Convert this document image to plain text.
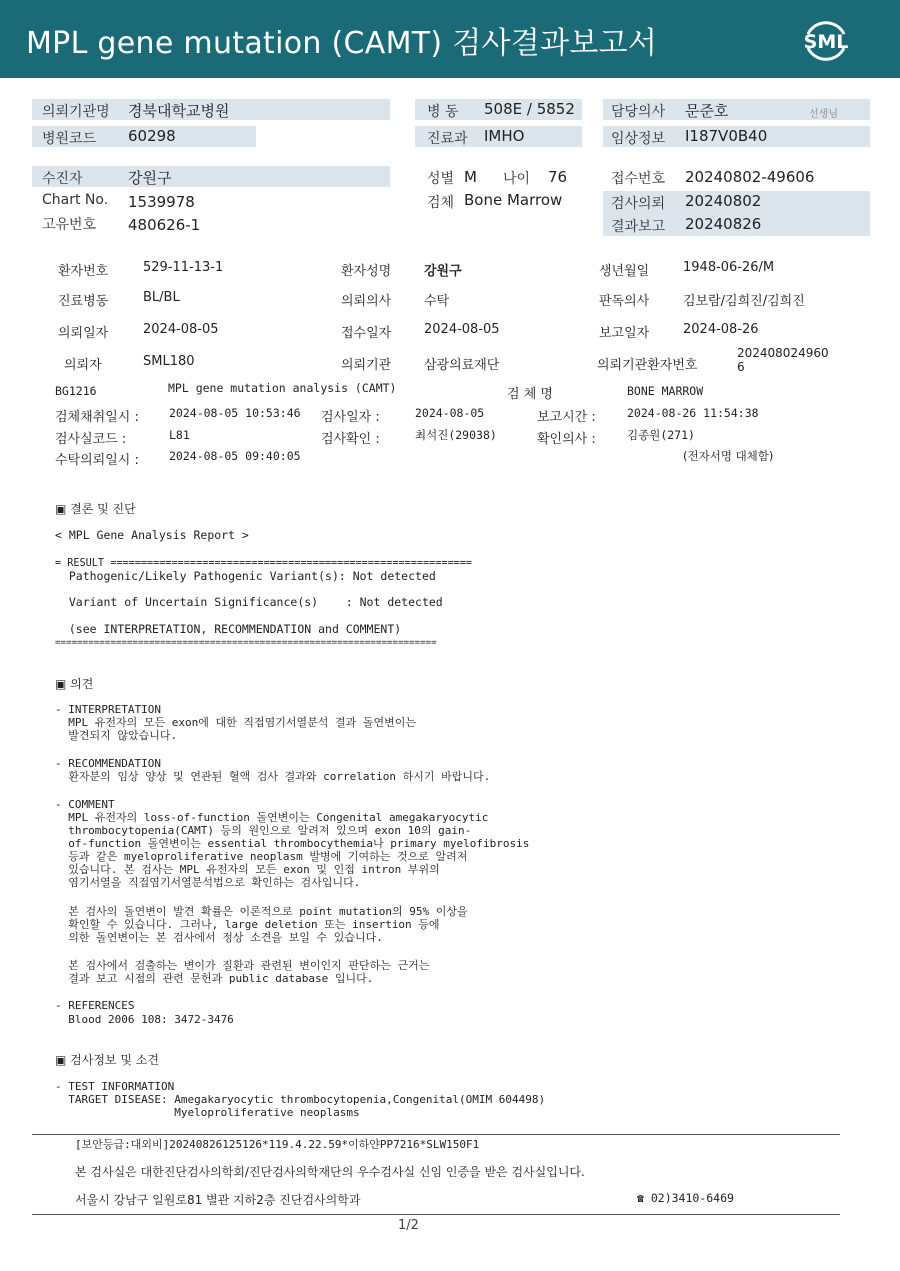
MPL gene mutation (CAMT) 검사결과보고서	SML
의뢰기관명 경북대학교병원
병원코드 60298
병 동 508E / 5852
진료과 IMHO
담당의사 문준호	선생님
임상정보 I187V0B40
수진자	강원구
Chart No. 1539978
고유번호 480626-1
성별 M 나이 76
검체 Bone Marrow
접수번호 20240802-49606
검사의뢰 20240802
결과보고 20240826
환자번호	529-11-13-1	환자성명	강원구	생년월일	1948-06-26/M
진료병동	BL/BL	의뢰의사	수탁	판독의사	김보람/김희진/김희진
의뢰일자	2024-08-05	접수일자	2024-08-05	보고일자	2024-08-26
의뢰자	SML180	의뢰기관	삼광의료재단	의뢰기관환자번호
202408024960
6
BG1216	MPL gene mutation analysis (CAMT)	검 체 명	BONE MARROW
검체채취일시 :	2024-08-05 10:53:46 검사일자 :	2024-08-05	보고시간 :	2024-08-26 11:54:38
검사실코드 :	L81	검사확인 :	최석진(29038)	확인의사 :	김종원(271)
수탁의뢰일시 :	2024-08-05 09:40:05	(전자서명 대체함)
▣ 결론 및 진단
< MPL Gene Analysis Report >
= RESULT ===========================================================
Pathogenic/Likely Pathogenic Variant(s): Not detected
Variant of Uncertain Significance(s)    : Not detected
(see INTERPRETATION, RECOMMENDATION and COMMENT)
=====================================================================
▣ 의견
- INTERPRETATION
MPL 유전자의 모든 exon에 대한 직접염기서열분석 결과 돌연변이는
발견되지 않았습니다.
- RECOMMENDATION
환자분의 임상 양상 및 연관된 혈액 검사 결과와 correlation 하시기 바랍니다.
- COMMENT
MPL 유전자의 loss-of-function 돌연변이는 Congenital amegakaryocytic
thrombocytopenia(CAMT) 등의 원인으로 알려져 있으며 exon 10의 gain-
of-function 돌연변이는 essential thrombocythemia나 primary myelofibrosis
등과 같은 myeloproliferative neoplasm 발병에 기여하는 것으로 알려져
있습니다. 본 검사는 MPL 유전자의 모든 exon 및 인접 intron 부위의
염기서열을 직접염기서열분석법으로 확인하는 검사입니다.
본 검사의 돌연변이 발견 확률은 이론적으로 point mutation의 95% 이상을
확인할 수 있습니다. 그러나, large deletion 또는 insertion 등에
의한 돌연변이는 본 검사에서 정상 소견을 보일 수 있습니다.
본 검사에서 검출하는 변이가 질환과 관련된 변이인지 판단하는 근거는
결과 보고 시점의 관련 문헌과 public database 입니다.
- REFERENCES
Blood 2006 108: 3472-3476
▣ 검사정보 및 소견
- TEST INFORMATION
TARGET DISEASE: Amegakaryocytic thrombocytopenia,Congenital(OMIM 604498)
Myeloproliferative neoplasms
[보안등급:대외비]20240826125126*119.4.22.59*이하얀PP7216*SLW150F1
본 검사실은 대한진단검사의학회/진단검사의학재단의 우수검사실 신임 인증을 받은 검사실입니다.
서울시 강남구 일원로81 별관 지하2층 진단검사의학과	☎ 02)3410-6469
1/2
